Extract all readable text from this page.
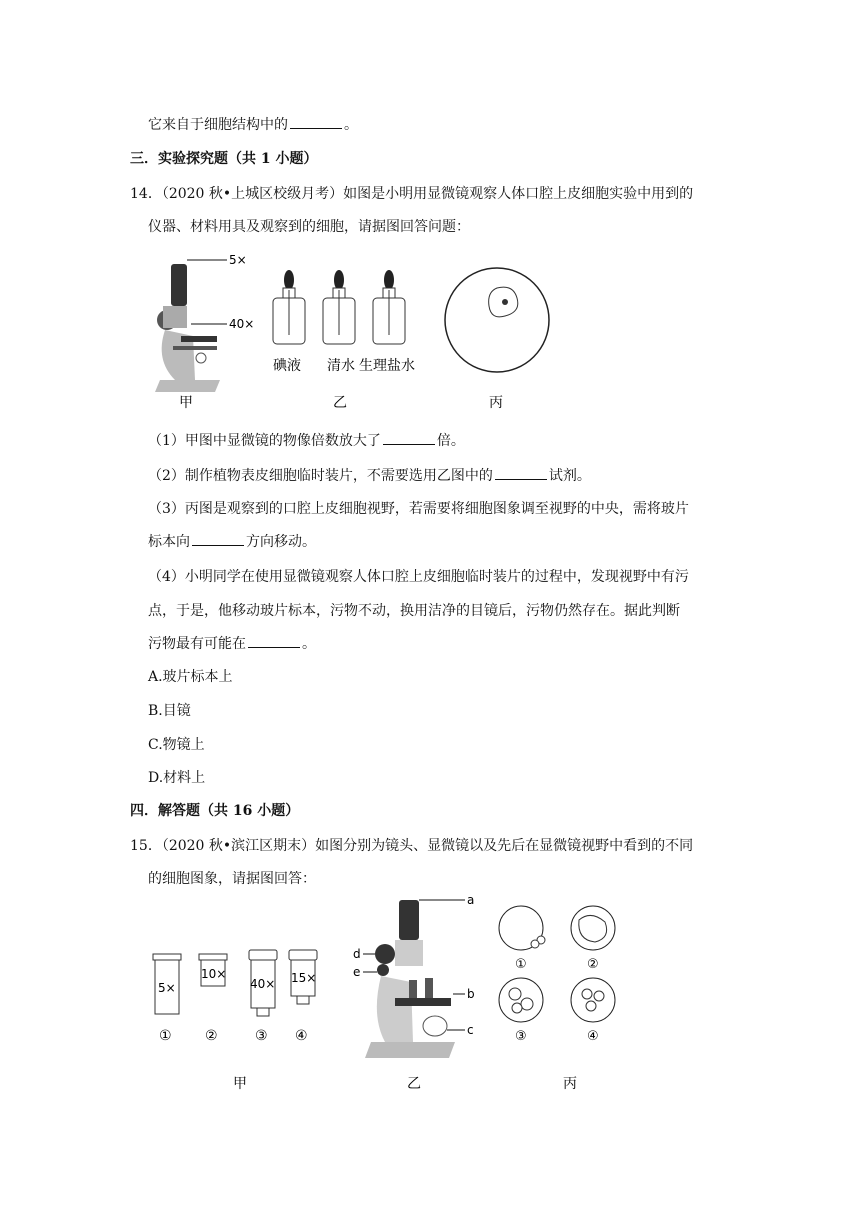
它来自于细胞结构中的	。
三．实验探究题（共 1 小题）
14．（2020 秋•上城区校级月考）如图是小明用显微镜观察人体口腔上皮细胞实验中用到的
仪器、材料用具及观察到的细胞，请据图回答问题：
5×
40×
甲
碘液 清水 生理盐水
乙	丙
（1）甲图中显微镜的物像倍数放大了	倍。
（2）制作植物表皮细胞临时装片，不需要选用乙图中的	试剂。
（3）丙图是观察到的口腔上皮细胞视野，若需要将细胞图象调至视野的中央，需将玻片
标本向	方向移动。
（4）小明同学在使用显微镜观察人体口腔上皮细胞临时装片的过程中，发现视野中有污
点，于是，他移动玻片标本，污物不动，换用洁净的目镜后，污物仍然存在。据此判断
污物最有可能在	。
A.玻片标本上
B.目镜
C.物镜上
D.材料上
四．解答题（共 16 小题）
15．（2020 秋•滨江区期末）如图分别为镜头、显微镜以及先后在显微镜视野中看到的不同
的细胞图象，请据图回答：
5×
10×
40× 15×
① ②	③ ④
甲
a
b
c
d
e
乙
①	②
③	④
丙
